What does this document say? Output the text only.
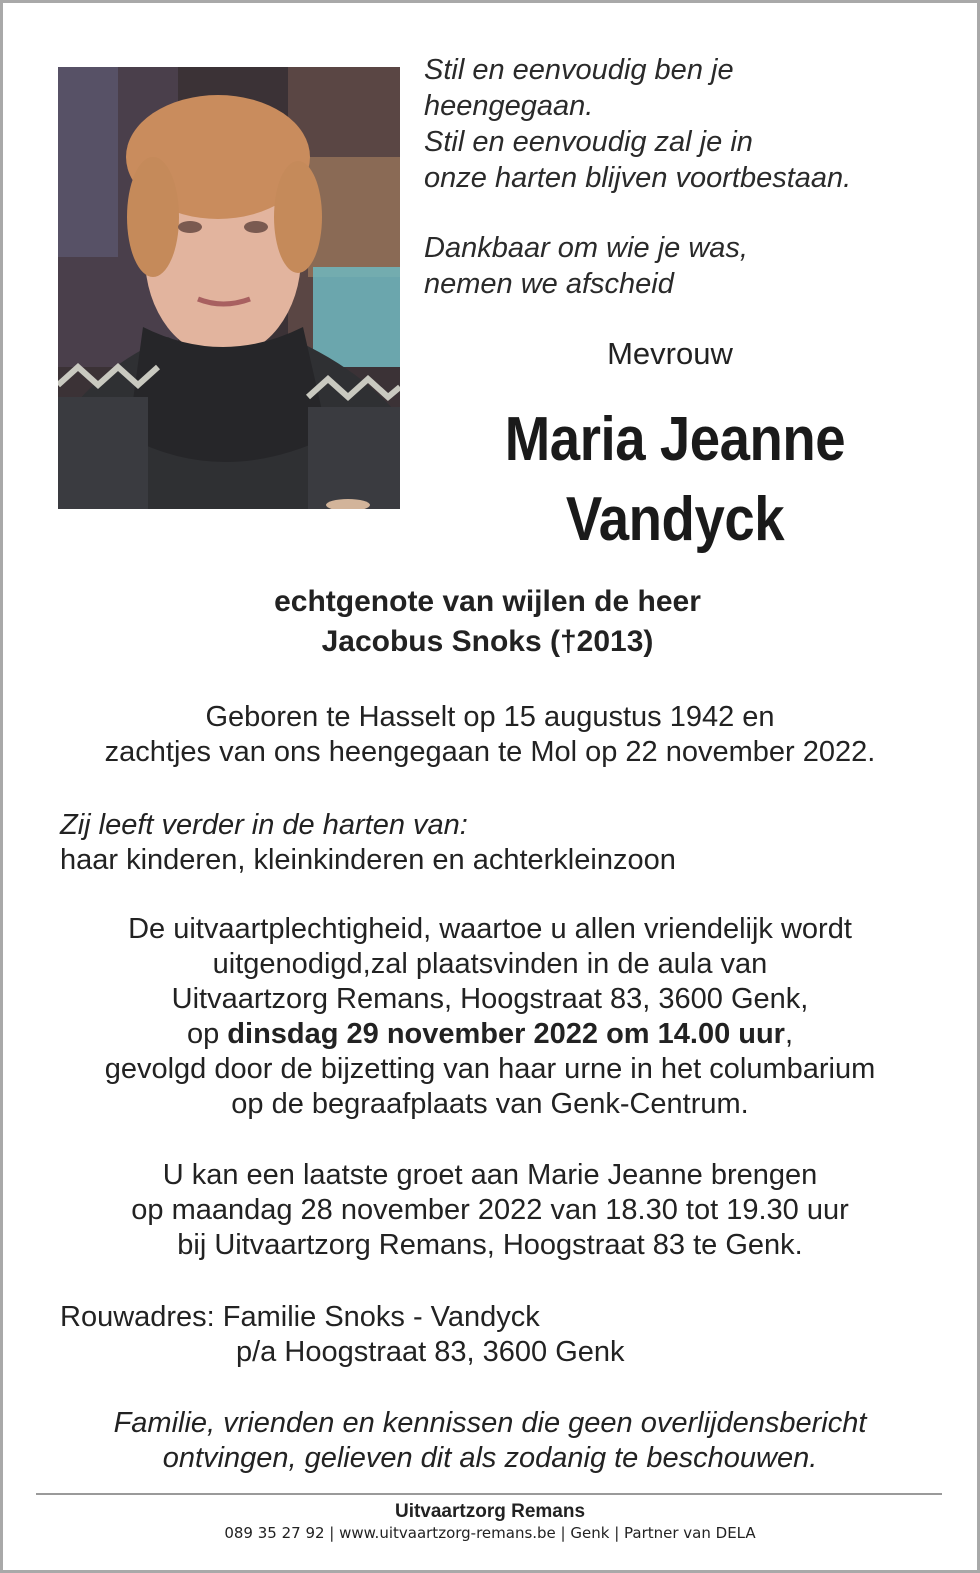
Stil en eenvoudig ben je

heengegaan.

Stil en eenvoudig zal je in

onze harten blijven voortbestaan.

Dankbaar om wie je was,

nemen we afscheid

Mevrouw
Maria Jeanne
Vandyck
echtgenote van wijlen de heer
Jacobus Snoks (†2013)

Geboren te Hasselt op 15 augustus 1942 en

zachtjes van ons heengegaan te Mol op 22 november 2022.

Zij leeft verder in de harten van:

haar kinderen, kleinkinderen en achterkleinzoon

De uitvaartplechtigheid, waartoe u allen vriendelijk wordt

uitgenodigd,zal plaatsvinden in de aula van

Uitvaartzorg Remans, Hoogstraat 83, 3600 Genk,

op dinsdag 29 november 2022 om 14.00 uur,

gevolgd door de bijzetting van haar urne in het columbarium

op de begraafplaats van Genk-Centrum.

U kan een laatste groet aan Marie Jeanne brengen

op maandag 28 november 2022 van 18.30 tot 19.30 uur

bij Uitvaartzorg Remans, Hoogstraat 83 te Genk.

Rouwadres: Familie Snoks - Vandyck

p/a Hoogstraat 83, 3600 Genk

Familie, vrienden en kennissen die geen overlijdensbericht

ontvingen, gelieven dit als zodanig te beschouwen.

Uitvaartzorg Remans
089 35 27 92 | www.uitvaartzorg-remans.be | Genk | Partner van DELA
